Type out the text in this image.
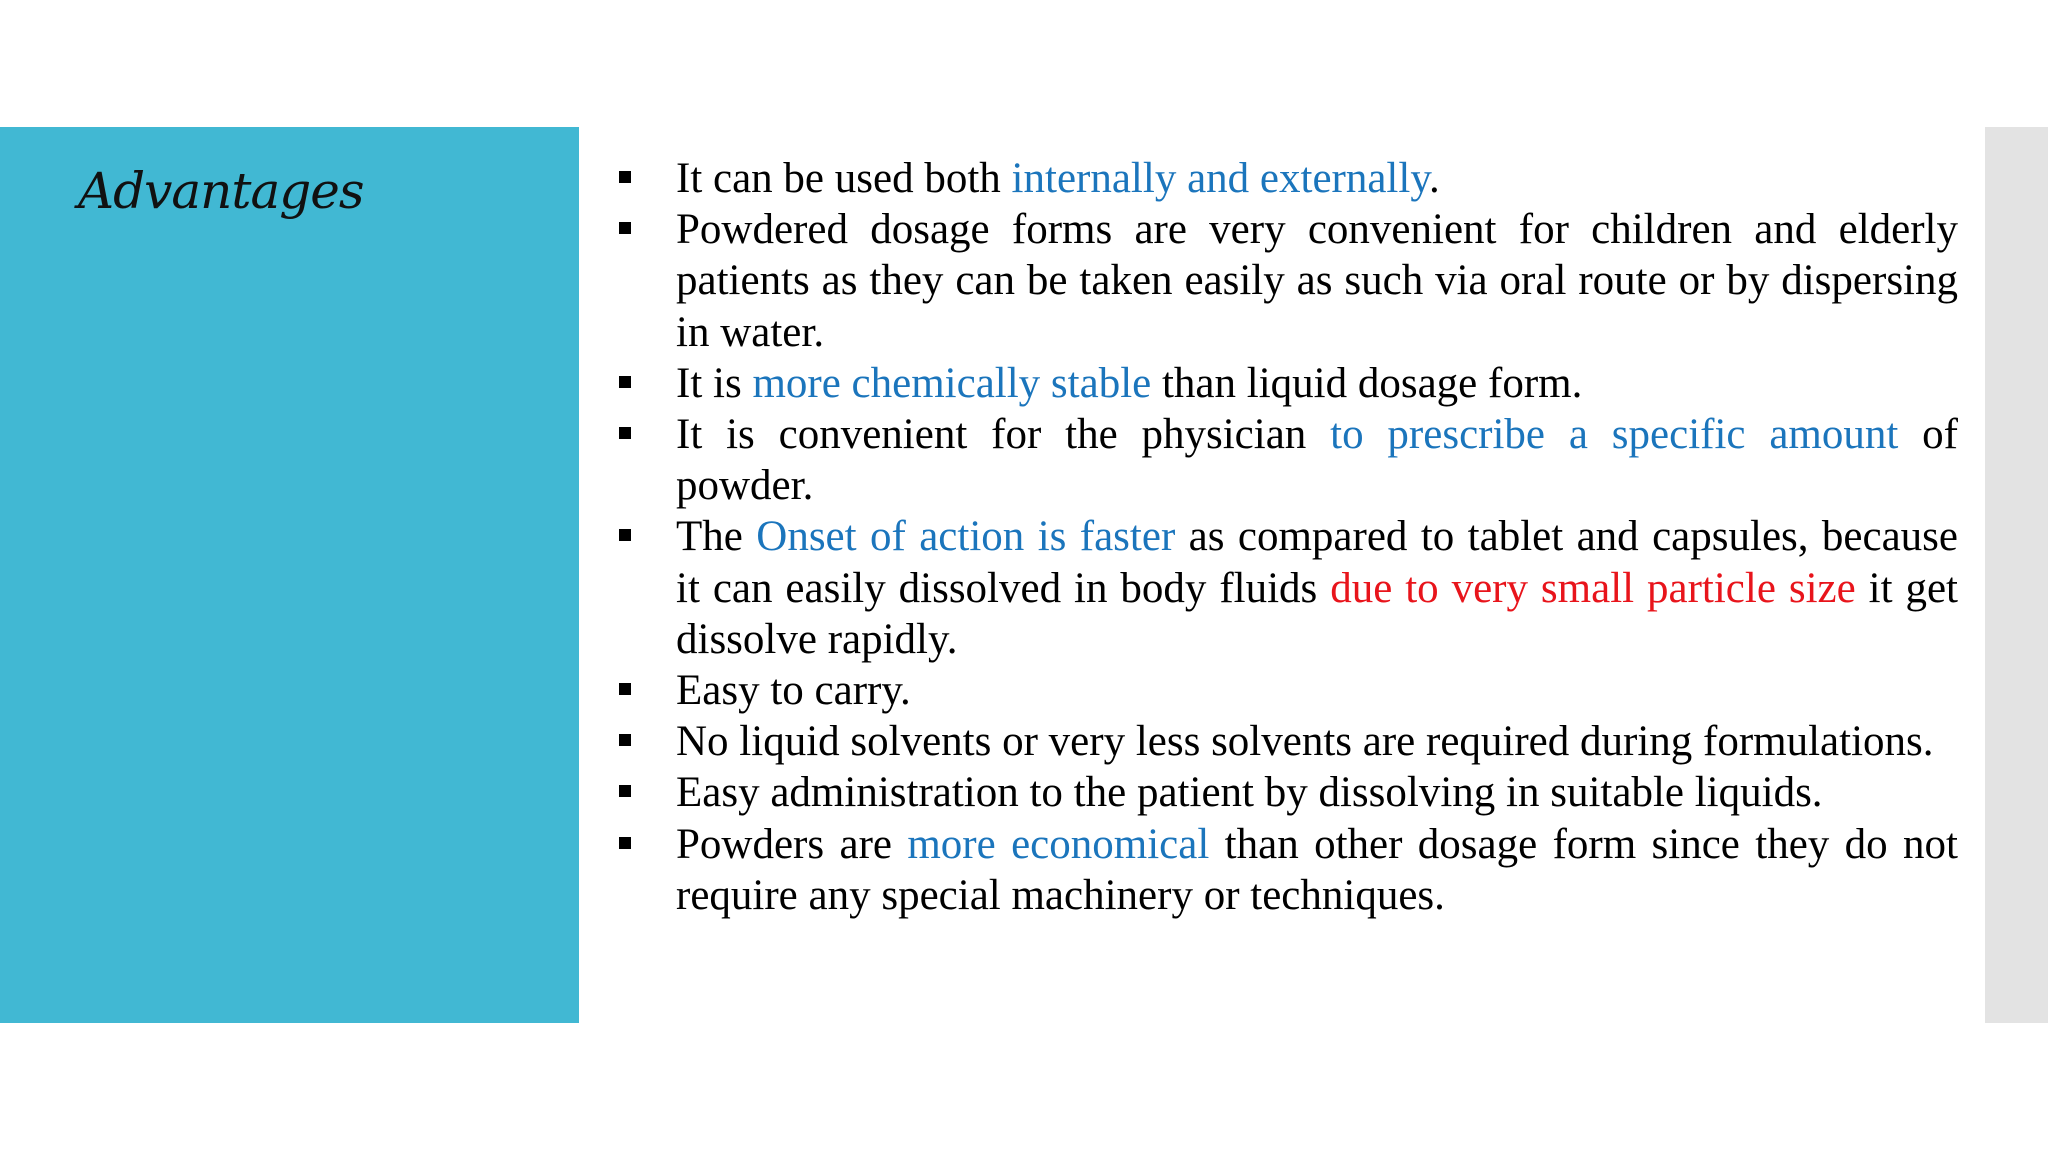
Advantages	It can be used both internally and externally.
Powdered dosage forms are very convenient for children and elderly patients as they can be taken easily as such via oral route or by dispersing in water.
It is more chemically stable than liquid dosage form.
It is convenient for the physician to prescribe a specific amount of powder.
The Onset of action is faster as compared to tablet and capsules, because it can easily dissolved in body fluids due to very small particle size it get dissolve rapidly.
Easy to carry.
No liquid solvents or very less solvents are required during formulations.
Easy administration to the patient by dissolving in suitable liquids.
Powders are more economical than other dosage form since they do not require any special machinery or techniques.
